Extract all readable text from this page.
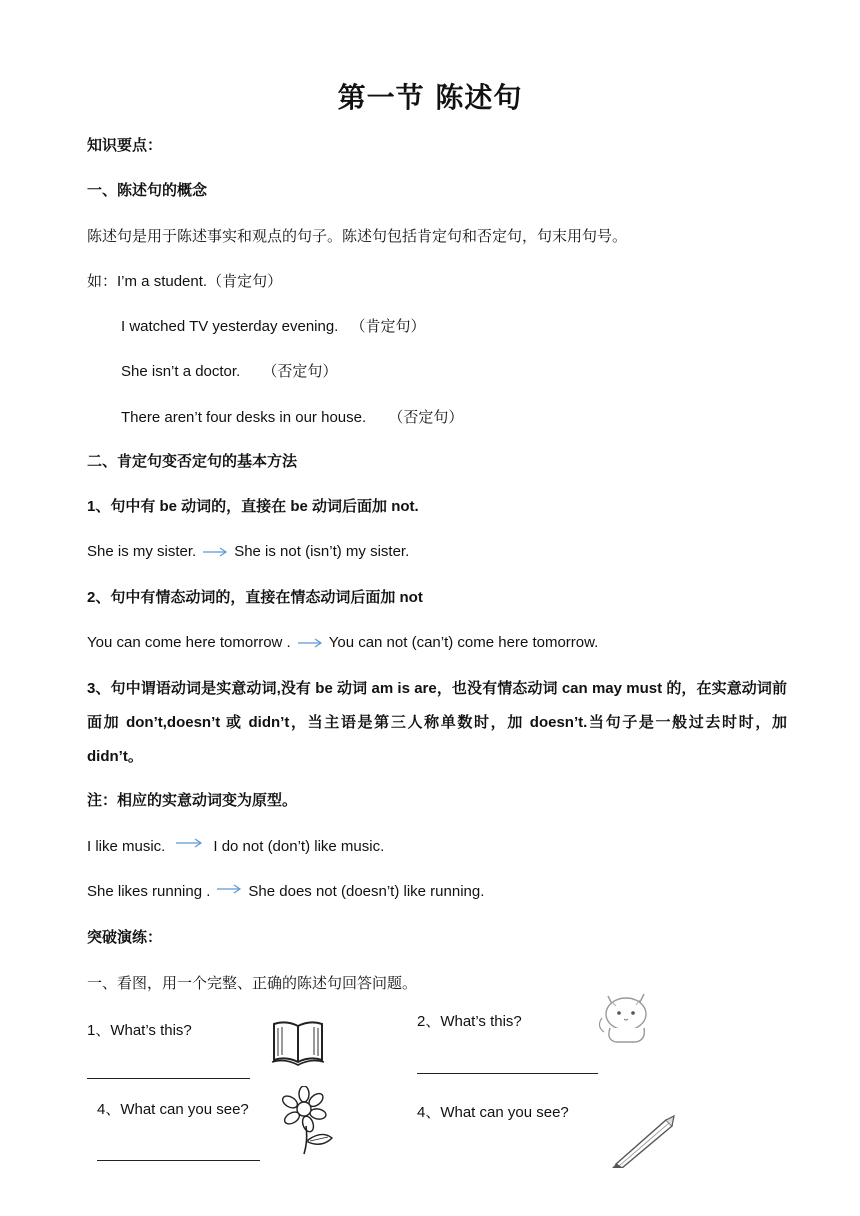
第一节 陈述句
知识要点：
一、陈述句的概念
陈述句是用于陈述事实和观点的句子。陈述句包括肯定句和否定句，句末用句号。
如：I’m a student.（肯定句）
I watched TV yesterday evening. （肯定句）
She isn’t a doctor. （否定句）
There aren’t four desks in our house. （否定句）
二、肯定句变否定句的基本方法
1、句中有 be 动词的，直接在 be 动词后面加 not.
She is my sister.	She is not (isn’t) my sister.
2、句中有情态动词的，直接在情态动词后面加 not
You can come here tomorrow .	You can not (can’t) come here tomorrow.
3、句中谓语动词是实意动词,没有 be 动词 am is are，也没有情态动词 can may must 的，在实意动词前面加 don’t,doesn’t 或 didn’t，当主语是第三人称单数时，加 doesn’t.当句子是一般过去时时，加 didn’t。
注：相应的实意动词变为原型。
I like music.	I do not (don’t) like music.
She likes running .	She does not (doesn’t) like running.
突破演练：
一、看图，用一个完整、正确的陈述句回答问题。
1、What’s this?
2、What’s this?
4、What can you see?	4、What can you see?
